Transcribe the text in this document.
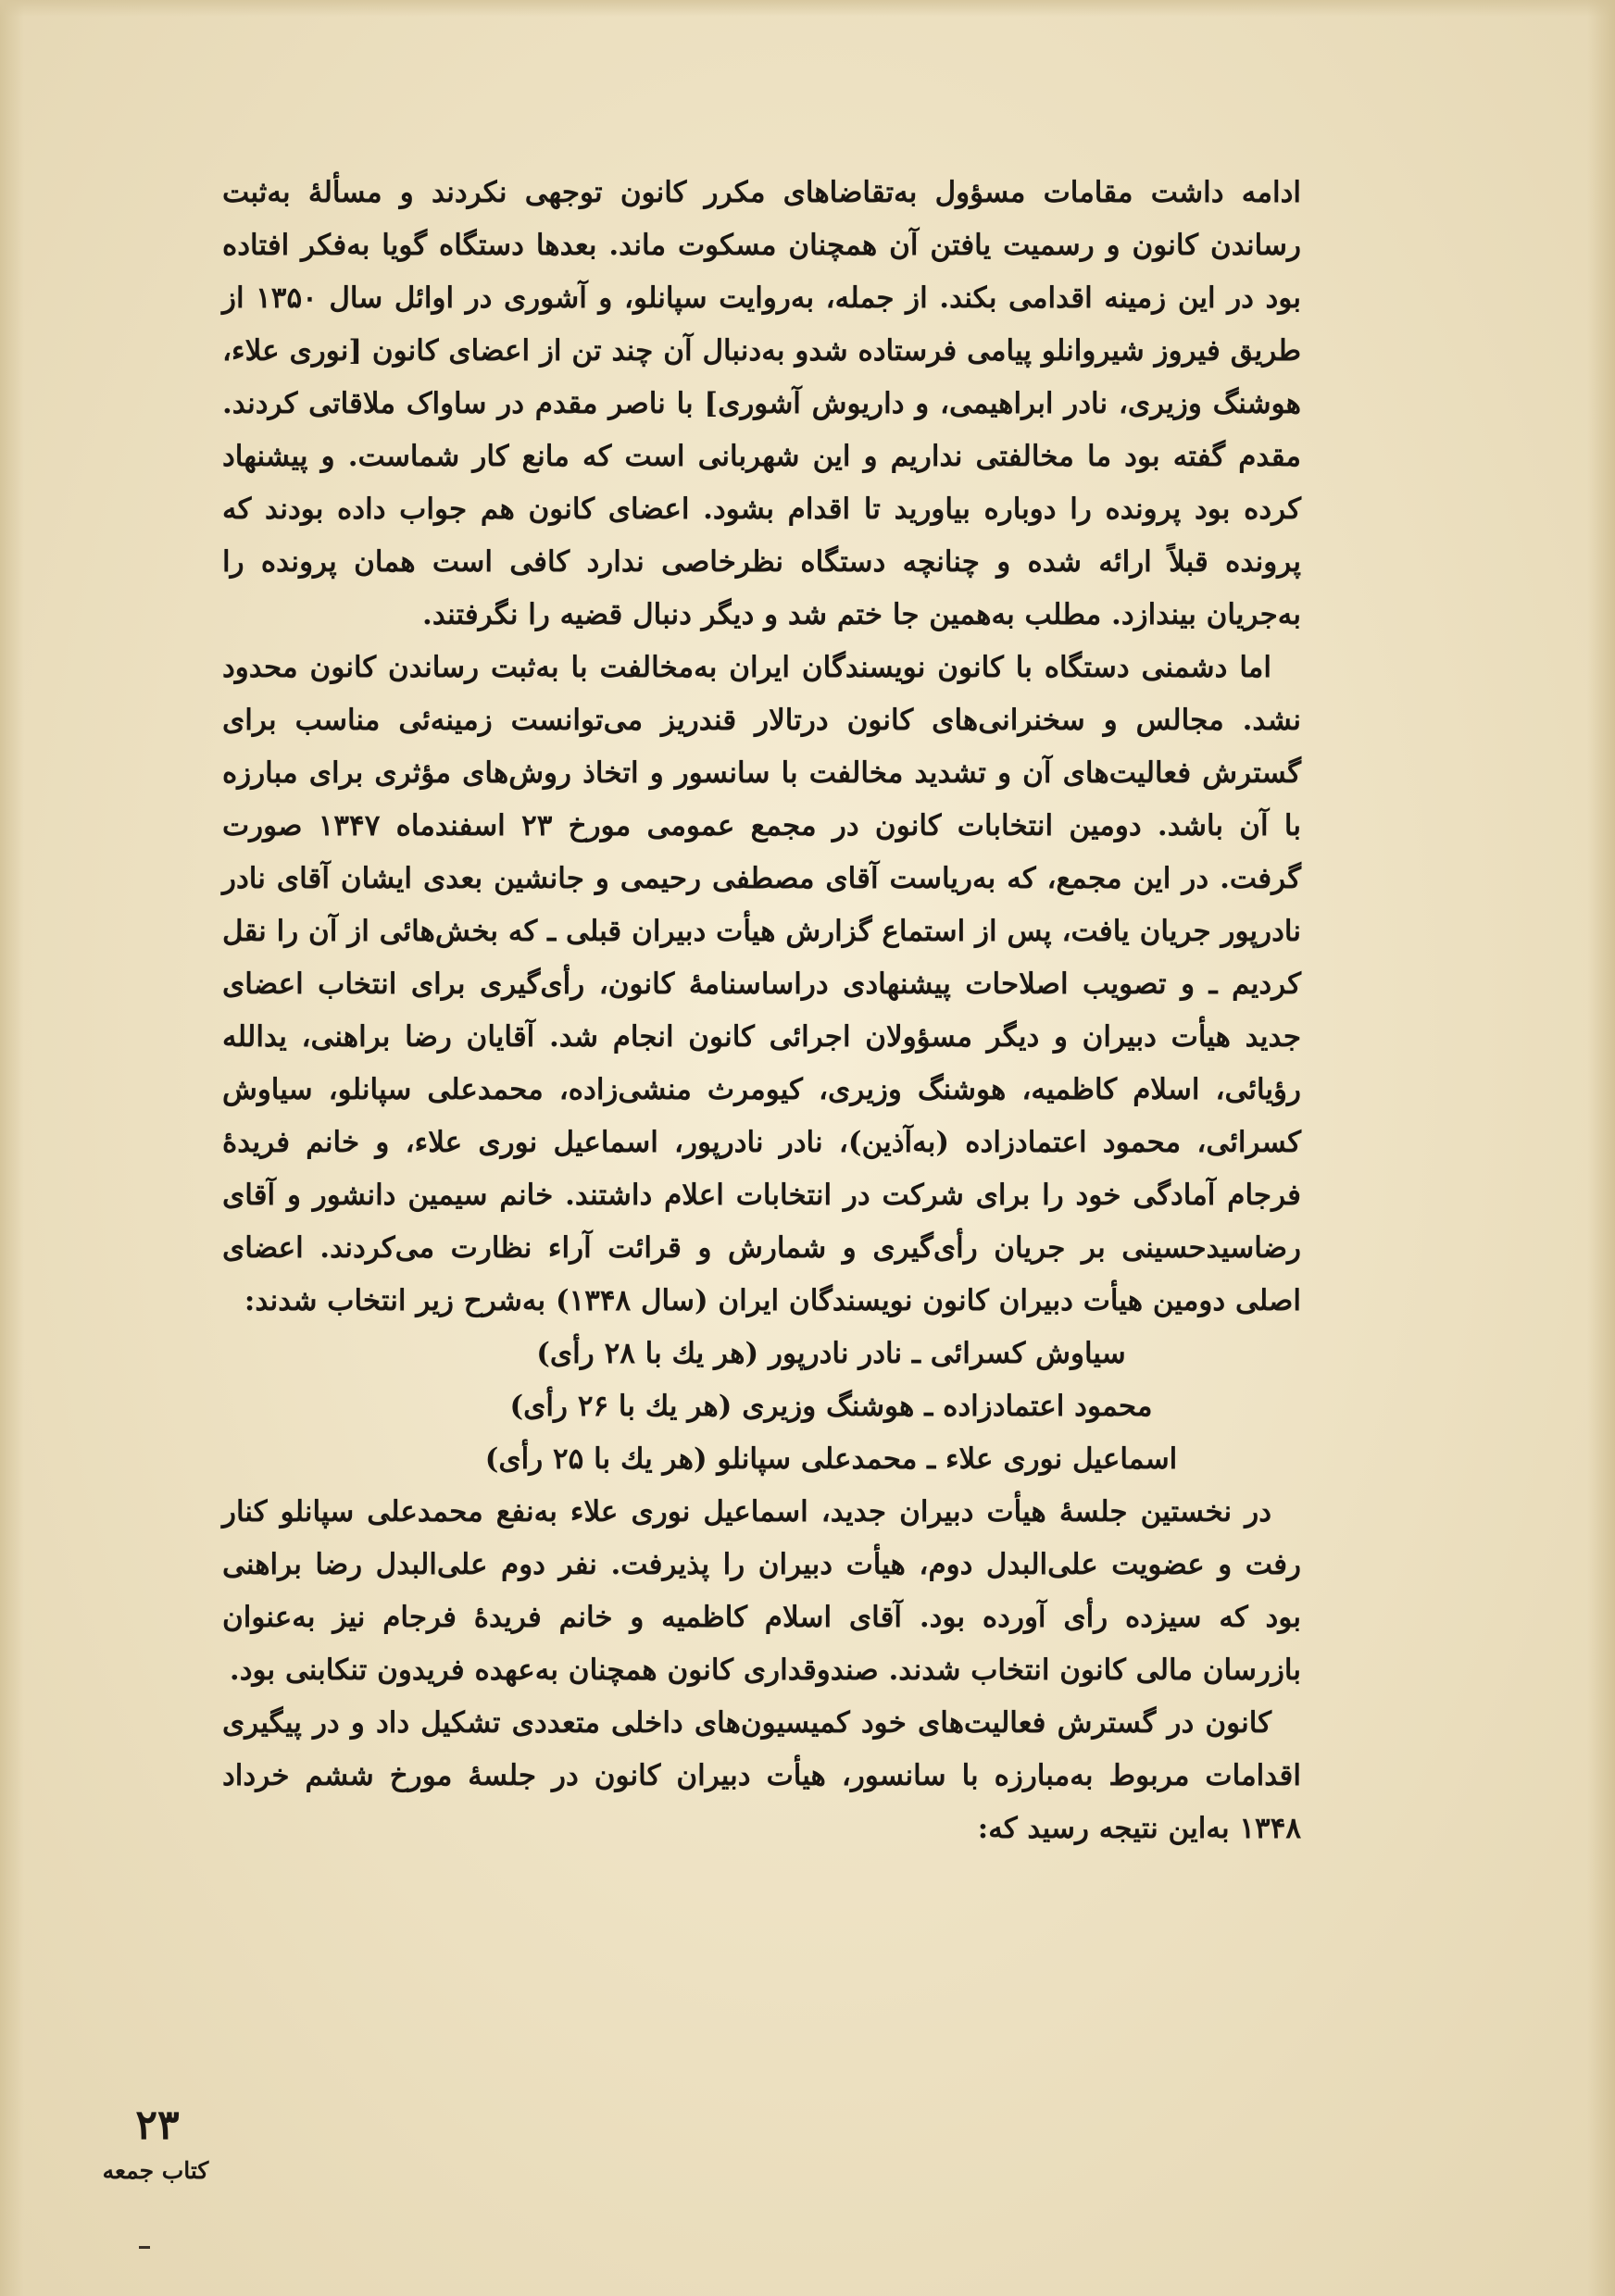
ادامه داشت مقامات مسؤول به‌تقاضاهای مکرر کانون توجهی نکردند و مسألهٔ به‌ثبت رساندن کانون و رسمیت یافتن آن همچنان مسکوت ماند. بعدها دستگاه گویا به‌فکر افتاده بود در این زمینه اقدامی بکند. از جمله، به‌روایت سپانلو، و آشوری در اوائل سال ۱۳۵۰ از طریق فیروز شیروانلو پیامی فرستاده شدو به‌دنبال آن چند تن از اعضای کانون [نوری علاء، هوشنگ وزیری، نادر ابراهیمی، و داریوش آشوری] با ناصر مقدم در ساواک ملاقاتی کردند. مقدم گفته بود ما مخالفتی نداریم و این شهربانی است که مانع کار شماست. و پیشنهاد کرده بود پرونده را دوباره بیاورید تا اقدام بشود. اعضای کانون هم جواب داده بودند که پرونده قبلاً ارائه شده و چنانچه دستگاه نظرخاصی ندارد کافی است همان پرونده را به‌جریان بیندازد. مطلب به‌همین جا ختم شد و دیگر دنبال قضیه را نگرفتند.

اما دشمنی دستگاه با کانون نویسندگان ایران به‌مخالفت با به‌ثبت رساندن کانون محدود نشد. مجالس و سخنرانی‌های کانون درتالار قندریز می‌توانست زمینه‌ئی مناسب برای گسترش فعالیت‌های آن و تشدید مخالفت با سانسور و اتخاذ روش‌های مؤثری برای مبارزه با آن باشد. دومین انتخابات کانون در مجمع عمومی مورخ ۲۳ اسفندماه ۱۳۴۷ صورت گرفت. در این مجمع، که به‌ریاست آقای مصطفی رحیمی و جانشین بعدی ایشان آقای نادر نادرپور جریان یافت، پس از استماع گزارش هیأت دبیران قبلی ـ که بخش‌هائی از آن را نقل کردیم ـ و تصویب اصلاحات پیشنهادی دراساسنامهٔ کانون، رأی‌گیری برای انتخاب اعضای جدید هیأت دبیران و دیگر مسؤولان اجرائی کانون انجام شد. آقایان رضا براهنی، یدالله رؤیائی، اسلام کاظمیه، هوشنگ وزیری، کیومرث منشی‌زاده، محمدعلی سپانلو، سیاوش کسرائی، محمود اعتمادزاده (به‌آذین)، نادر نادرپور، اسماعیل نوری علاء، و خانم فریدهٔ فرجام آمادگی خود را برای شرکت در انتخابات اعلام داشتند. خانم سیمین دانشور و آقای رضاسیدحسینی بر جریان رأی‌گیری و شمارش و قرائت آراء نظارت می‌کردند. اعضای اصلی دومین هیأت دبیران کانون نویسندگان ایران (سال ۱۳۴۸) به‌شرح زیر انتخاب شدند:

سیاوش کسرائی ـ نادر نادرپور (هر یك با ۲۸ رأی)
محمود اعتمادزاده ـ هوشنگ وزیری (هر یك با ۲۶ رأی)
اسماعیل نوری علاء ـ محمدعلی سپانلو (هر یك با ۲۵ رأی)

در نخستین جلسهٔ هیأت دبیران جدید، اسماعیل نوری علاء به‌نفع محمدعلی سپانلو کنار رفت و عضویت علی‌البدل دوم، هیأت دبیران را پذیرفت. نفر دوم علی‌البدل رضا براهنی بود که سیزده رأی آورده بود. آقای اسلام کاظمیه و خانم فریدهٔ فرجام نیز به‌عنوان بازرسان مالی کانون انتخاب شدند. صندوقداری کانون همچنان به‌عهده فریدون تنکابنی بود.

کانون در گسترش فعالیت‌های خود کمیسیون‌های داخلی متعددی تشکیل داد و در پیگیری اقدامات مربوط به‌مبارزه با سانسور، هیأت دبیران کانون در جلسهٔ مورخ ششم خرداد ۱۳۴۸ به‌این نتیجه رسید که:

۲۳
کتاب جمعه
